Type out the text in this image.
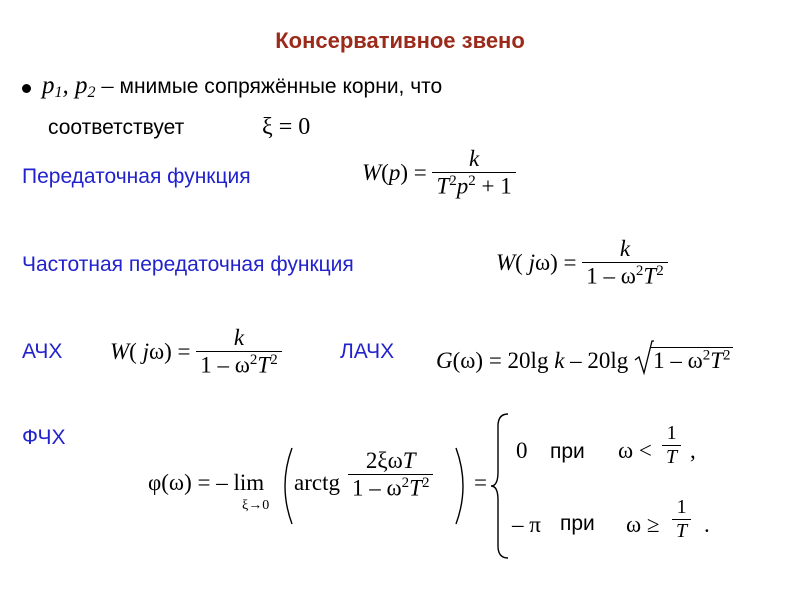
Консервативное звено
$p_1$, $p_2$ – мнимые сопряжённые корни, что
соответствует	ξ = 0
Передаточная функция	$W(p) = \frac{k}{T^2p^2 + 1}$
Частотная передаточная функция	W( $j\omega) = \frac{k}{1 - \omega^2T^2}$
АЧХ W( $j\omega) = \frac{k}{1 - \omega^2T^2}$	ЛАЧХ G(ω) = 20lg k – 20lg $1 - \omega^2T^2$
ФЧХ
φ(ω) = – lim
ξ→0
arctg
2ξωT
$1 - \omega^2T^2$ =
0 при $\omega < \frac{1}{T}$ ,
– π при $\omega \ge \frac{1}{T}$ .
